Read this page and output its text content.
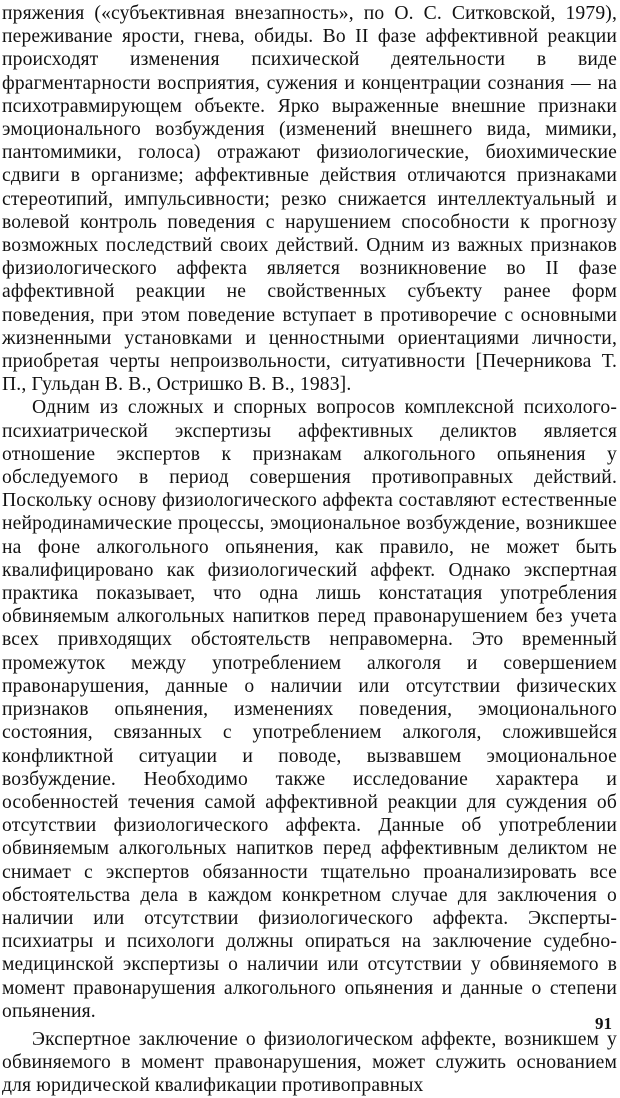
пряжения («субъективная внезапность», по О. С. Ситковской, 1979), переживание ярости, гнева, обиды. Во II фазе аффективной реакции происходят изменения психической деятельности в виде фрагментарности восприятия, сужения и концентрации сознания — на психотравмирующем объекте. Ярко выраженные внешние признаки эмоционального возбуждения (изменений внешнего вида, мимики, пантомимики, голоса) отражают физиологические, биохимические сдвиги в организме; аффективные действия отличаются признаками стереотипий, импульсивности; резко снижается интеллектуальный и волевой контроль поведения с нарушением способности к прогнозу возможных последствий своих действий. Одним из важных признаков физиологического аффекта является возникновение во II фазе аффективной реакции не свойственных субъекту ранее форм поведения, при этом поведение вступает в противоречие с основными жизненными установками и ценностными ориентациями личности, приобретая черты непроизвольности, ситуативности [Печерникова Т. П., Гульдан В. В., Остришко В. В., 1983].

Одним из сложных и спорных вопросов комплексной психолого-психиатрической экспертизы аффективных деликтов является отношение экспертов к признакам алкогольного опьянения у обследуемого в период совершения противоправных действий. Поскольку основу физиологического аффекта составляют естественные нейродинамические процессы, эмоциональное возбуждение, возникшее на фоне алкогольного опьянения, как правило, не может быть квалифицировано как физиологический аффект. Однако экспертная практика показывает, что одна лишь констатация употребления обвиняемым алкогольных напитков перед правонарушением без учета всех привходящих обстоятельств неправомерна. Это временный промежуток между употреблением алкоголя и совершением правонарушения, данные о наличии или отсутствии физических признаков опьянения, изменениях поведения, эмоционального состояния, связанных с употреблением алкоголя, сложившейся конфликтной ситуации и поводе, вызвавшем эмоциональное возбуждение. Необходимо также исследование характера и особенностей течения самой аффективной реакции для суждения об отсутствии физиологического аффекта. Данные об употреблении обвиняемым алкогольных напитков перед аффективным деликтом не снимает с экспертов обязанности тщательно проанализировать все обстоятельства дела в каждом конкретном случае для заключения о наличии или отсутствии физиологического аффекта. Эксперты-психиатры и психологи должны опираться на заключение судебно-медицинской экспертизы о наличии или отсутствии у обвиняемого в момент правонарушения алкогольного опьянения и данные о степени опьянения.

Экспертное заключение о физиологическом аффекте, возникшем у обвиняемого в момент правонарушения, может служить основанием для юридической квалификации противоправных

91
